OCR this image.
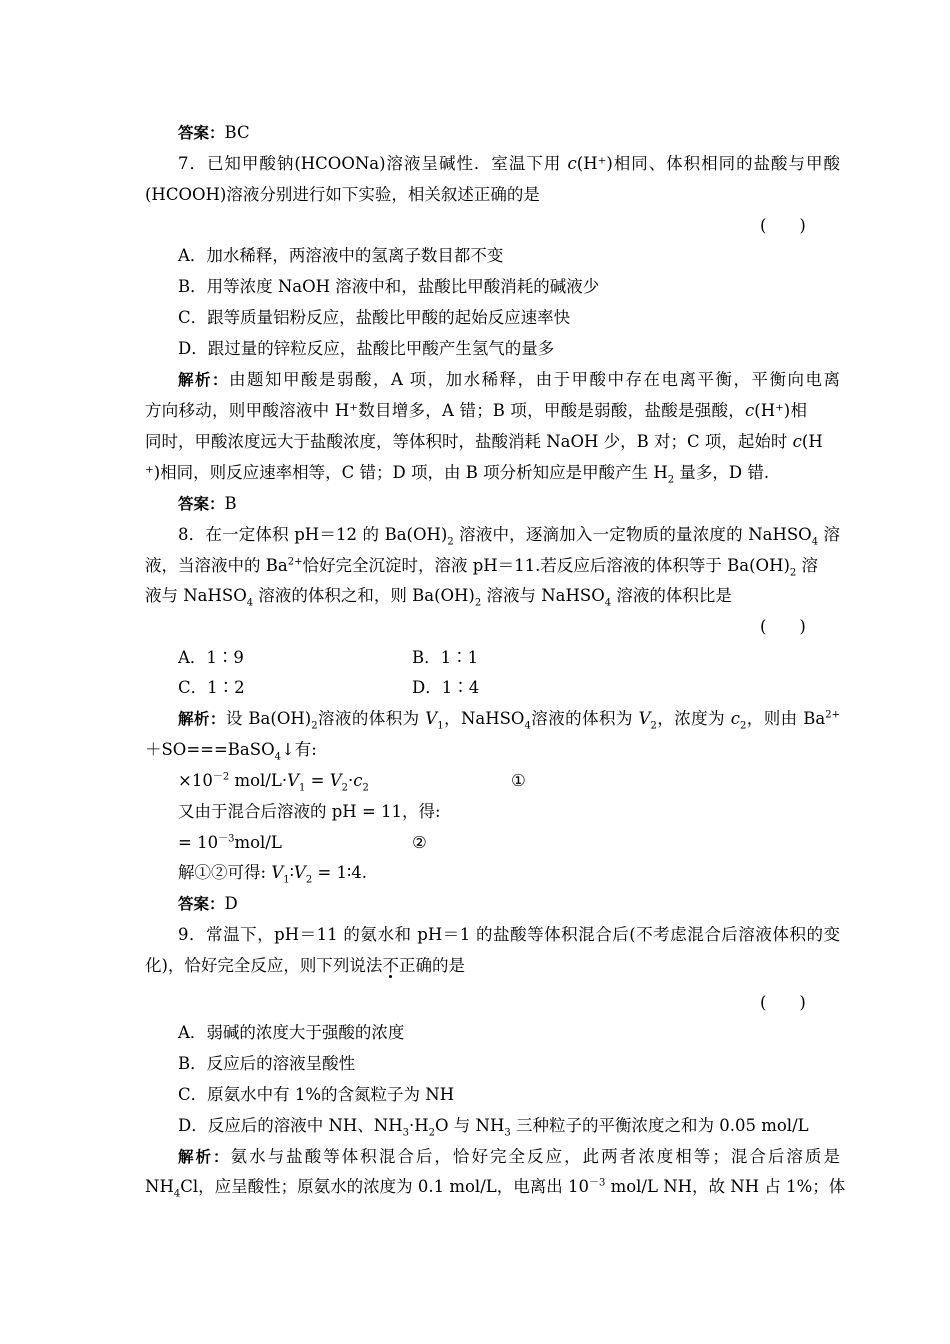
答案：BC
7．已知甲酸钠(HCOONa)溶液呈碱性．室温下用 c(H⁺)相同、体积相同的盐酸与甲酸
(HCOOH)溶液分别进行如下实验，相关叙述正确的是
(　　)
A．加水稀释，两溶液中的氢离子数目都不变
B．用等浓度 NaOH 溶液中和，盐酸比甲酸消耗的碱液少
C．跟等质量铝粉反应，盐酸比甲酸的起始反应速率快
D．跟过量的锌粒反应，盐酸比甲酸产生氢气的量多
解析：由题知甲酸是弱酸，A 项，加水稀释，由于甲酸中存在电离平衡，平衡向电离
方向移动，则甲酸溶液中 H⁺数目增多，A 错；B 项，甲酸是弱酸，盐酸是强酸，c(H⁺)相
同时，甲酸浓度远大于盐酸浓度，等体积时，盐酸消耗 NaOH 少，B 对；C 项，起始时 c(H
⁺)相同，则反应速率相等，C 错；D 项，由 B 项分析知应是甲酸产生 $H_2$ 量多，D 错.
答案：B
8．在一定体积 pH＝12 的 $Ba(OH)_2$ 溶液中，逐滴加入一定物质的量浓度的 NaHSO$_4$ 溶
液，当溶液中的 $Ba^{2+}$恰好完全沉淀时，溶液 pH＝11.若反应后溶液的体积等于 $Ba(OH)_2$ 溶
液与 NaHSO$_4$ 溶液的体积之和，则 $Ba(OH)_2$ 溶液与 NaHSO$_4$ 溶液的体积比是
(　　)
A．1∶9	B．1∶1
C．1∶2	D．1∶4
解析：设 $Ba(OH)_2$溶液的体积为 $V_1$，NaHSO$_4$溶液的体积为 $V_2$，浓度为 $c_2$，则由 $Ba^{2+}$
＋SO===BaSO$_4$↓有:
$\times 10^{-2}$ mol/$L\cdot V_1 = V_2\cdot c_2$	①
又由于混合后溶液的 pH = 11，得:
= $10^{-3}mol/L$	②
解①②可得: $V_1∶V_2$ = 1∶4.
答案：D
9．常温下，pH＝11 的氨水和 pH＝1 的盐酸等体积混合后(不考虑混合后溶液体积的变
化)，恰好完全反应，则下列说法不正确的是
(　　)
A．弱碱的浓度大于强酸的浓度
B．反应后的溶液呈酸性
C．原氨水中有 1%的含氮粒子为 NH
D．反应后的溶液中 NH、$NH_3\cdot H_2O$ 与 $NH_3$ 三种粒子的平衡浓度之和为 0.05 mol/L
解析：氨水与盐酸等体积混合后，恰好完全反应，此两者浓度相等；混合后溶质是
$NH_4Cl$，应呈酸性；原氨水的浓度为 0.1 mol/L，电离出 $10^{-3}$ mol/L NH，故 NH 占 1%；体
